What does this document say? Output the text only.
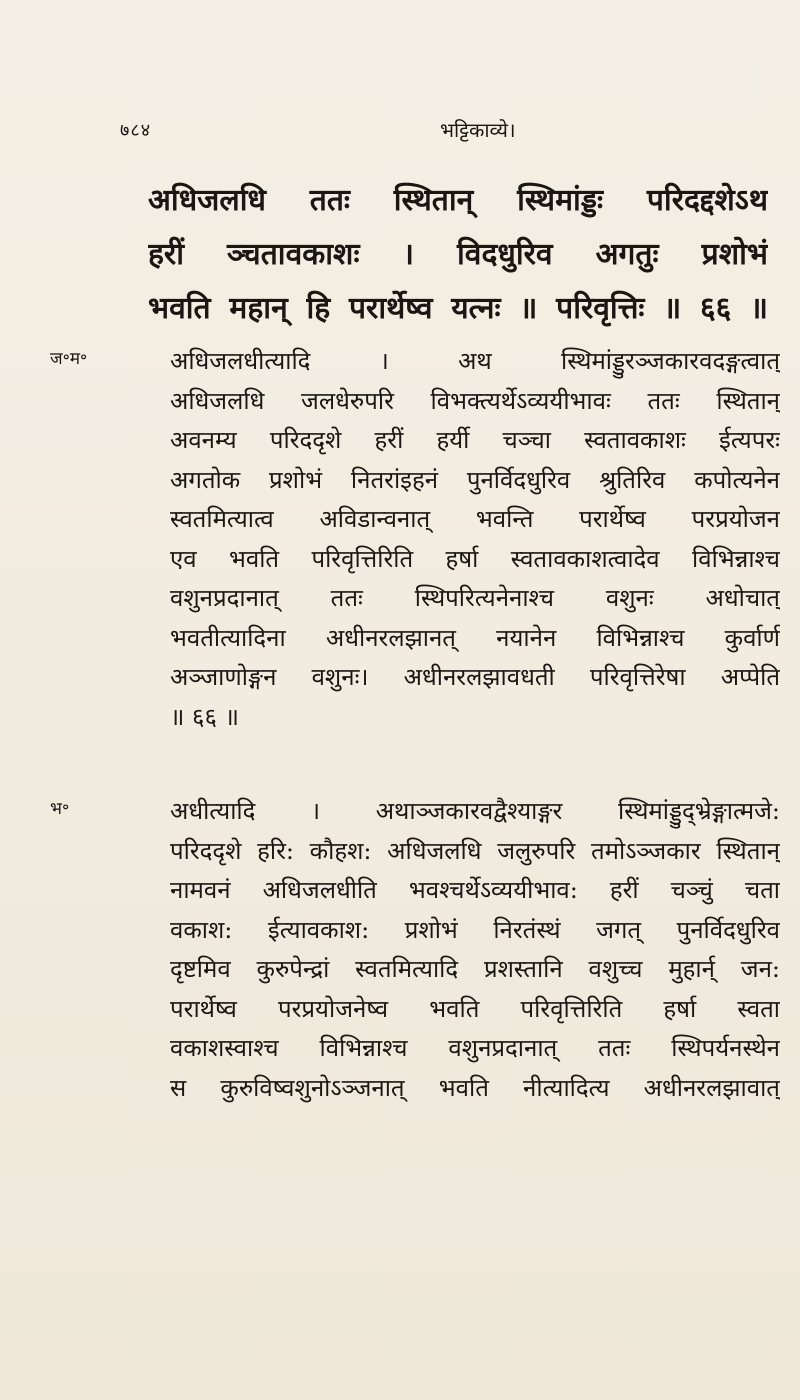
७८४	भट्टिकाव्ये।
अधिजलधि ततः स्थितान् स्थिमांड्डः परिदद्दशेऽथ
हरीं ञ्चतावकाशः । विदधुरिव अगतुः प्रशोभं
भवति महान् हि परार्थेष्व यत्नः ॥ परिवृत्तिः ॥ ६६ ॥
ज॰म॰	अधिजलधीत्यादि । अथ स्थिमांड्डुरञ्जकारवदङ्गत्वात्
अधिजलधि जलधेरुपरि विभक्त्यर्थेऽव्ययीभावः ततः स्थितान्
अवनम्य परिददृशे हरीं हर्यी चञ्चा स्वतावकाशः ईत्यपरः
अगतोक प्रशोभं नितरांइहनं पुनर्विदधुरिव श्रुतिरिव कपोत्यनेन
स्वतमित्यात्व अविडान्वनात् भवन्ति परार्थेष्व परप्रयोजन
एव भवति परिवृत्तिरिति हर्षा स्वतावकाशत्वादेव विभिन्नाश्च
वशुनप्रदानात् ततः स्थिपरित्यनेनाश्च वशुनः अधोचात्
भवतीत्यादिना अधीनरलझानत् नयानेन विभिन्नाश्च कुर्वार्ण
अञ्जाणोङ्गन वशुनः। अधीनरलझावधती परिवृत्तिरेषा अप्पेति
॥ ६६ ॥
भ॰	अधीत्यादि । अथाञ्जकारवद्वैश्याङ्गर स्थिमांड्डुद्भ्रेङ्गात्मजे:
परिददृशे हरि: कौहश: अधिजलधि जलुरुपरि तमोऽञ्जकार स्थितान्
नामवनं अधिजलधीति भवश्चर्थेऽव्ययीभाव: हरीं चञ्चुं चता
वकाश: ईत्यावकाश: प्रशोभं निरतंस्थं जगत् पुनर्विदधुरिव
दृष्टमिव कुरुपेन्द्रां स्वतमित्यादि प्रशस्तानि वशुच्च मुहार्न् जन:
परार्थेष्व परप्रयोजनेष्व भवति परिवृत्तिरिति हर्षा स्वता
वकाशस्वाश्च विभिन्नाश्च वशुनप्रदानात् ततः स्थिपर्यनस्थेन
स कुरुविष्वशुनोऽञ्जनात् भवति नीत्यादित्य अधीनरलझावात्
